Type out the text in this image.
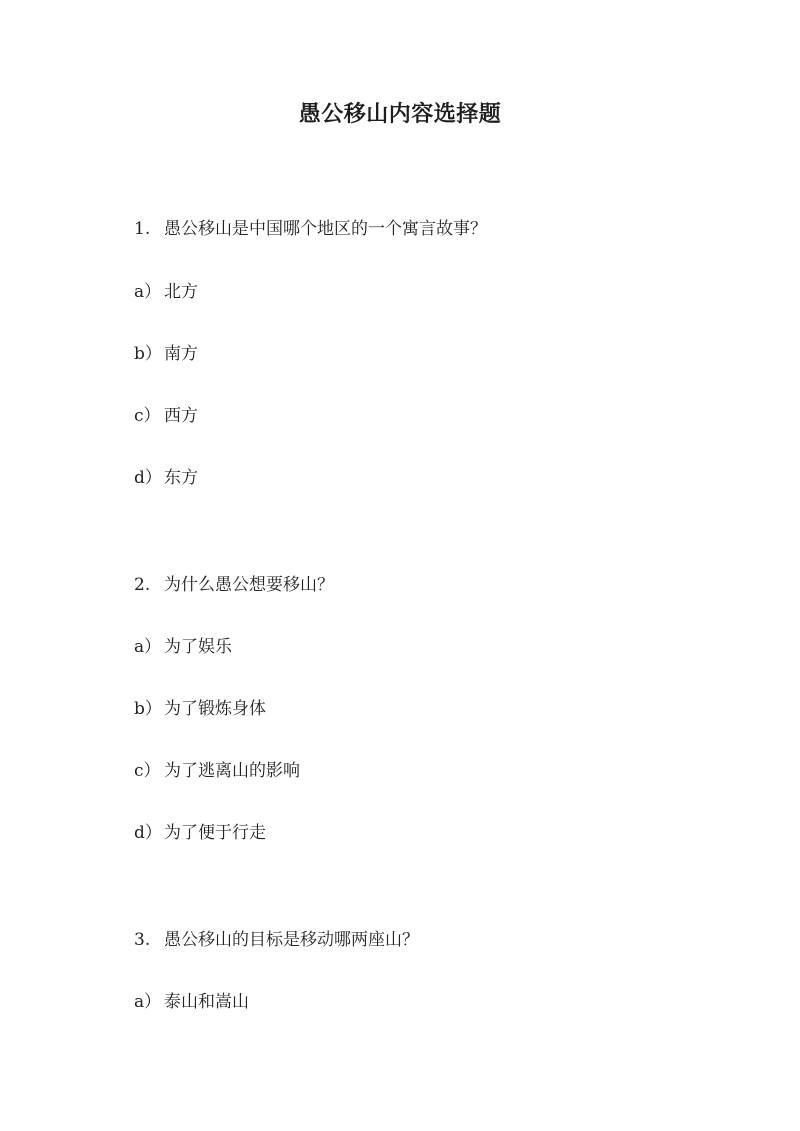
愚公移山内容选择题
1. 愚公移山是中国哪个地区的一个寓言故事？
a） 北方
b） 南方
c） 西方
d） 东方
2. 为什么愚公想要移山？
a） 为了娱乐
b） 为了锻炼身体
c） 为了逃离山的影响
d） 为了便于行走
3. 愚公移山的目标是移动哪两座山？
a） 泰山和嵩山
